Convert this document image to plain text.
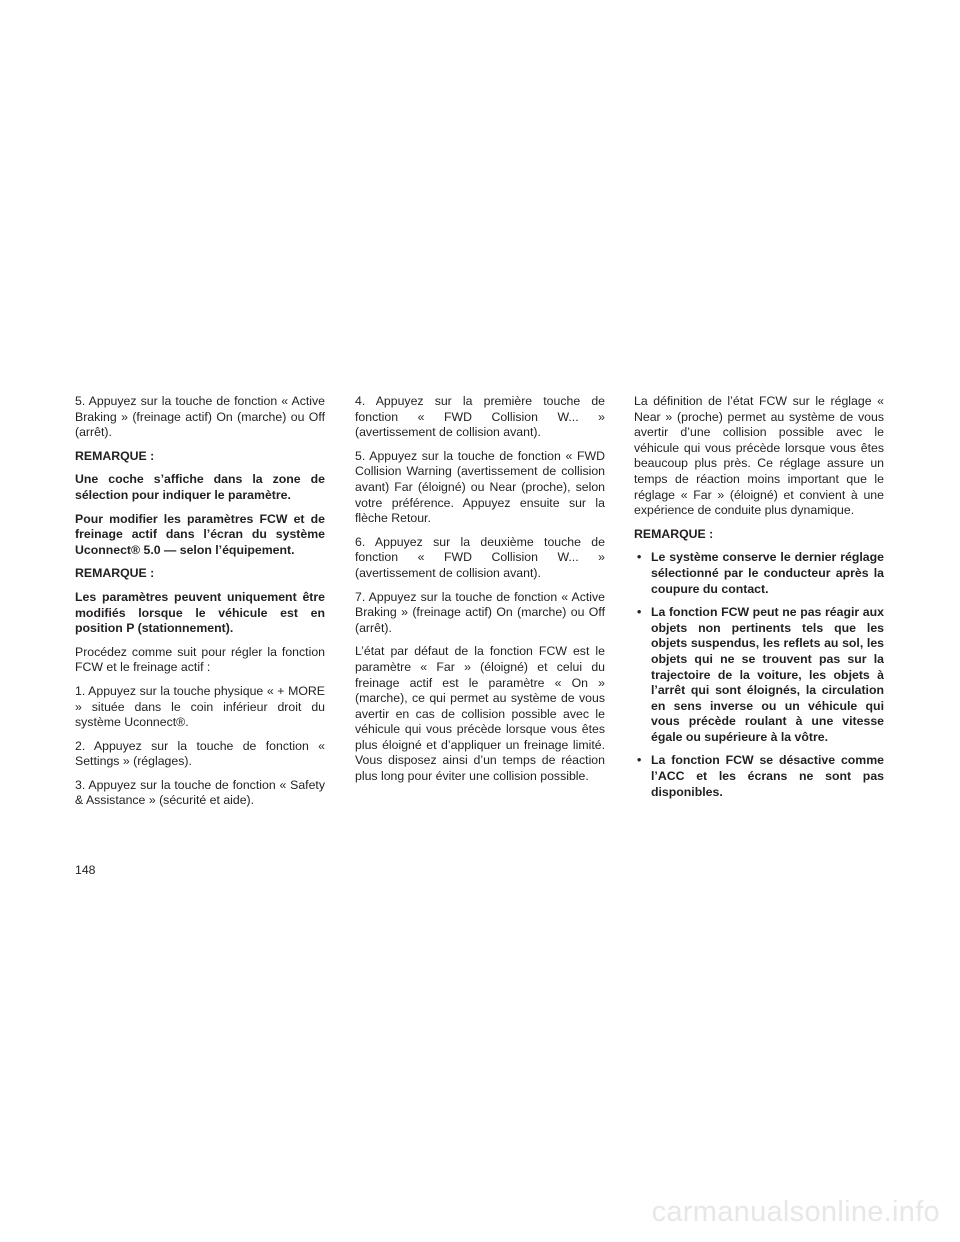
5. Appuyez sur la touche de fonction « Active Braking » (freinage actif) On (marche) ou Off (arrêt).

REMARQUE :

Une coche s’affiche dans la zone de sélection pour indiquer le paramètre.

Pour modifier les paramètres FCW et de freinage actif dans l’écran du système Uconnect® 5.0 — selon l’équipement.

REMARQUE :

Les paramètres peuvent uniquement être modifiés lorsque le véhicule est en position P (stationnement).

Procédez comme suit pour régler la fonction FCW et le freinage actif :

1. Appuyez sur la touche physique « + MORE » située dans le coin inférieur droit du système Uconnect®.

2. Appuyez sur la touche de fonction « Settings » (réglages).

3. Appuyez sur la touche de fonction « Safety & Assistance » (sécurité et aide).

4. Appuyez sur la première touche de fonction « FWD Collision W... » (avertissement de collision avant).

5. Appuyez sur la touche de fonction « FWD Collision Warning (avertissement de collision avant) Far (éloigné) ou Near (proche), selon votre préférence. Appuyez ensuite sur la flèche Retour.

6. Appuyez sur la deuxième touche de fonction « FWD Collision W... » (avertissement de collision avant).

7. Appuyez sur la touche de fonction « Active Braking » (freinage actif) On (marche) ou Off (arrêt).

L’état par défaut de la fonction FCW est le paramètre « Far » (éloigné) et celui du freinage actif est le paramètre « On » (marche), ce qui permet au système de vous avertir en cas de collision possible avec le véhicule qui vous précède lorsque vous êtes plus éloigné et d’appliquer un freinage limité. Vous disposez ainsi d’un temps de réaction plus long pour éviter une collision possible.

La définition de l’état FCW sur le réglage « Near » (proche) permet au système de vous avertir d’une collision possible avec le véhicule qui vous précède lorsque vous êtes beaucoup plus près. Ce réglage assure un temps de réaction moins important que le réglage « Far » (éloigné) et convient à une expérience de conduite plus dynamique.

REMARQUE :

• Le système conserve le dernier réglage sélectionné par le conducteur après la coupure du contact.
• La fonction FCW peut ne pas réagir aux objets non pertinents tels que les objets suspendus, les reflets au sol, les objets qui ne se trouvent pas sur la trajectoire de la voiture, les objets à l’arrêt qui sont éloignés, la circulation en sens inverse ou un véhicule qui vous précède roulant à une vitesse égale ou supérieure à la vôtre.
• La fonction FCW se désactive comme l’ACC et les écrans ne sont pas disponibles.
148
carmanualsonline.info
